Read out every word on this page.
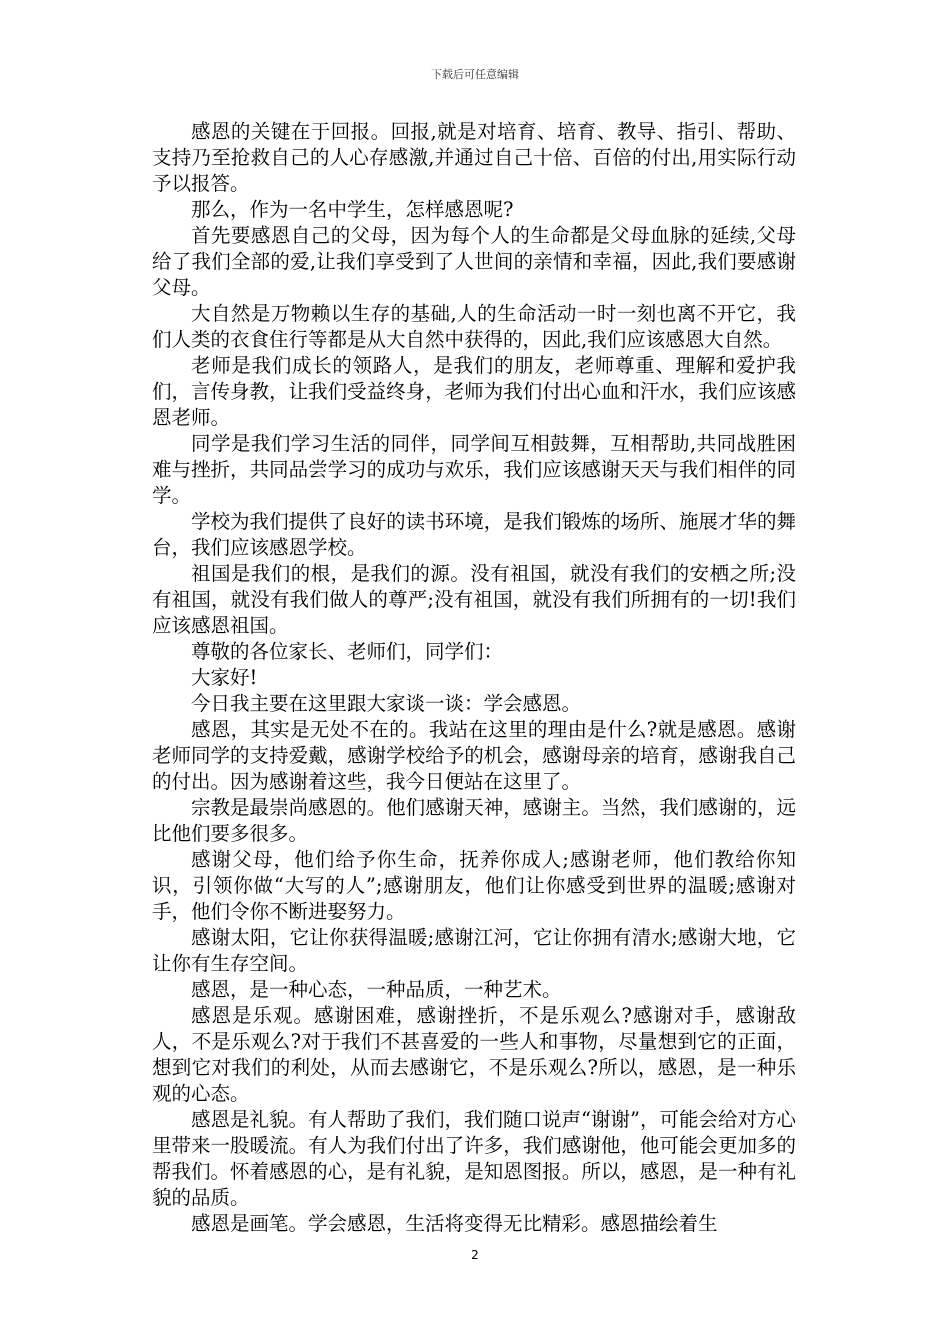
下载后可任意编辑

感恩的关键在于回报。回报,就是对培育、培育、教导、指引、帮助、支持乃至抢救自己的人心存感激,并通过自己十倍、百倍的付出,用实际行动予以报答。

那么，作为一名中学生，怎样感恩呢?

首先要感恩自己的父母，因为每个人的生命都是父母血脉的延续,父母给了我们全部的爱,让我们享受到了人世间的亲情和幸福，因此,我们要感谢父母。

大自然是万物赖以生存的基础,人的生命活动一时一刻也离不开它，我们人类的衣食住行等都是从大自然中获得的，因此,我们应该感恩大自然。

老师是我们成长的领路人，是我们的朋友，老师尊重、理解和爱护我们，言传身教，让我们受益终身，老师为我们付出心血和汗水，我们应该感恩老师。

同学是我们学习生活的同伴，同学间互相鼓舞，互相帮助,共同战胜困难与挫折，共同品尝学习的成功与欢乐，我们应该感谢天天与我们相伴的同学。

学校为我们提供了良好的读书环境，是我们锻炼的场所、施展才华的舞台，我们应该感恩学校。

祖国是我们的根，是我们的源。没有祖国，就没有我们的安栖之所;没有祖国，就没有我们做人的尊严;没有祖国，就没有我们所拥有的一切!我们应该感恩祖国。

尊敬的各位家长、老师们，同学们：

大家好!

今日我主要在这里跟大家谈一谈：学会感恩。

感恩，其实是无处不在的。我站在这里的理由是什么?就是感恩。感谢老师同学的支持爱戴，感谢学校给予的机会，感谢母亲的培育，感谢我自己的付出。因为感谢着这些，我今日便站在这里了。

宗教是最崇尚感恩的。他们感谢天神，感谢主。当然，我们感谢的，远比他们要多很多。

感谢父母，他们给予你生命，抚养你成人;感谢老师，他们教给你知识，引领你做“大写的人”;感谢朋友，他们让你感受到世界的温暖;感谢对手，他们令你不断进娶努力。

感谢太阳，它让你获得温暖;感谢江河，它让你拥有清水;感谢大地，它让你有生存空间。

感恩，是一种心态，一种品质，一种艺术。

感恩是乐观。感谢困难，感谢挫折，不是乐观么?感谢对手，感谢敌人，不是乐观么?对于我们不甚喜爱的一些人和事物，尽量想到它的正面，想到它对我们的利处，从而去感谢它，不是乐观么?所以，感恩，是一种乐观的心态。

感恩是礼貌。有人帮助了我们，我们随口说声“谢谢”，可能会给对方心里带来一股暖流。有人为我们付出了许多，我们感谢他，他可能会更加多的帮我们。怀着感恩的心，是有礼貌，是知恩图报。所以，感恩，是一种有礼貌的品质。

感恩是画笔。学会感恩，生活将变得无比精彩。感恩描绘着生

2
